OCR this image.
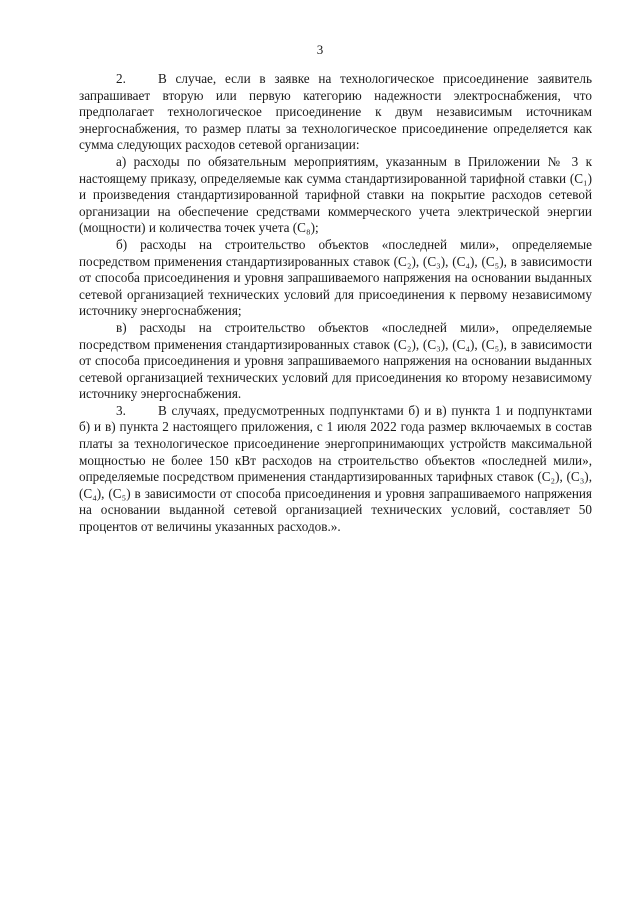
3

2. В случае, если в заявке на технологическое присоединение заявитель запрашивает вторую или первую категорию надежности электроснабжения, что предполагает технологическое присоединение к двум независимым источникам энергоснабжения, то размер платы за технологическое присоединение определяется как сумма следующих расходов сетевой организации:

а) расходы по обязательным мероприятиям, указанным в Приложении № 3 к настоящему приказу, определяемые как сумма стандартизированной тарифной ставки (С₁) и произведения стандартизированной тарифной ставки на покрытие расходов сетевой организации на обеспечение средствами коммерческого учета электрической энергии (мощности) и количества точек учета (С₈);

б) расходы на строительство объектов «последней мили», определяемые посредством применения стандартизированных ставок (С₂), (С₃), (С₄), (С₅), в зависимости от способа присоединения и уровня запрашиваемого напряжения на основании выданных сетевой организацией технических условий для присоединения к первому независимому источнику энергоснабжения;

в) расходы на строительство объектов «последней мили», определяемые посредством применения стандартизированных ставок (С₂), (С₃), (С₄), (С₅), в зависимости от способа присоединения и уровня запрашиваемого напряжения на основании выданных сетевой организацией технических условий для присоединения ко второму независимому источнику энергоснабжения.

3. В случаях, предусмотренных подпунктами б) и в) пункта 1 и подпунктами б) и в) пункта 2 настоящего приложения, с 1 июля 2022 года размер включаемых в состав платы за технологическое присоединение энергопринимающих устройств максимальной мощностью не более 150 кВт расходов на строительство объектов «последней мили», определяемые посредством применения стандартизированных тарифных ставок (С₂), (С₃), (С₄), (С₅) в зависимости от способа присоединения и уровня запрашиваемого напряжения на основании выданной сетевой организацией технических условий, составляет 50 процентов от величины указанных расходов.».
